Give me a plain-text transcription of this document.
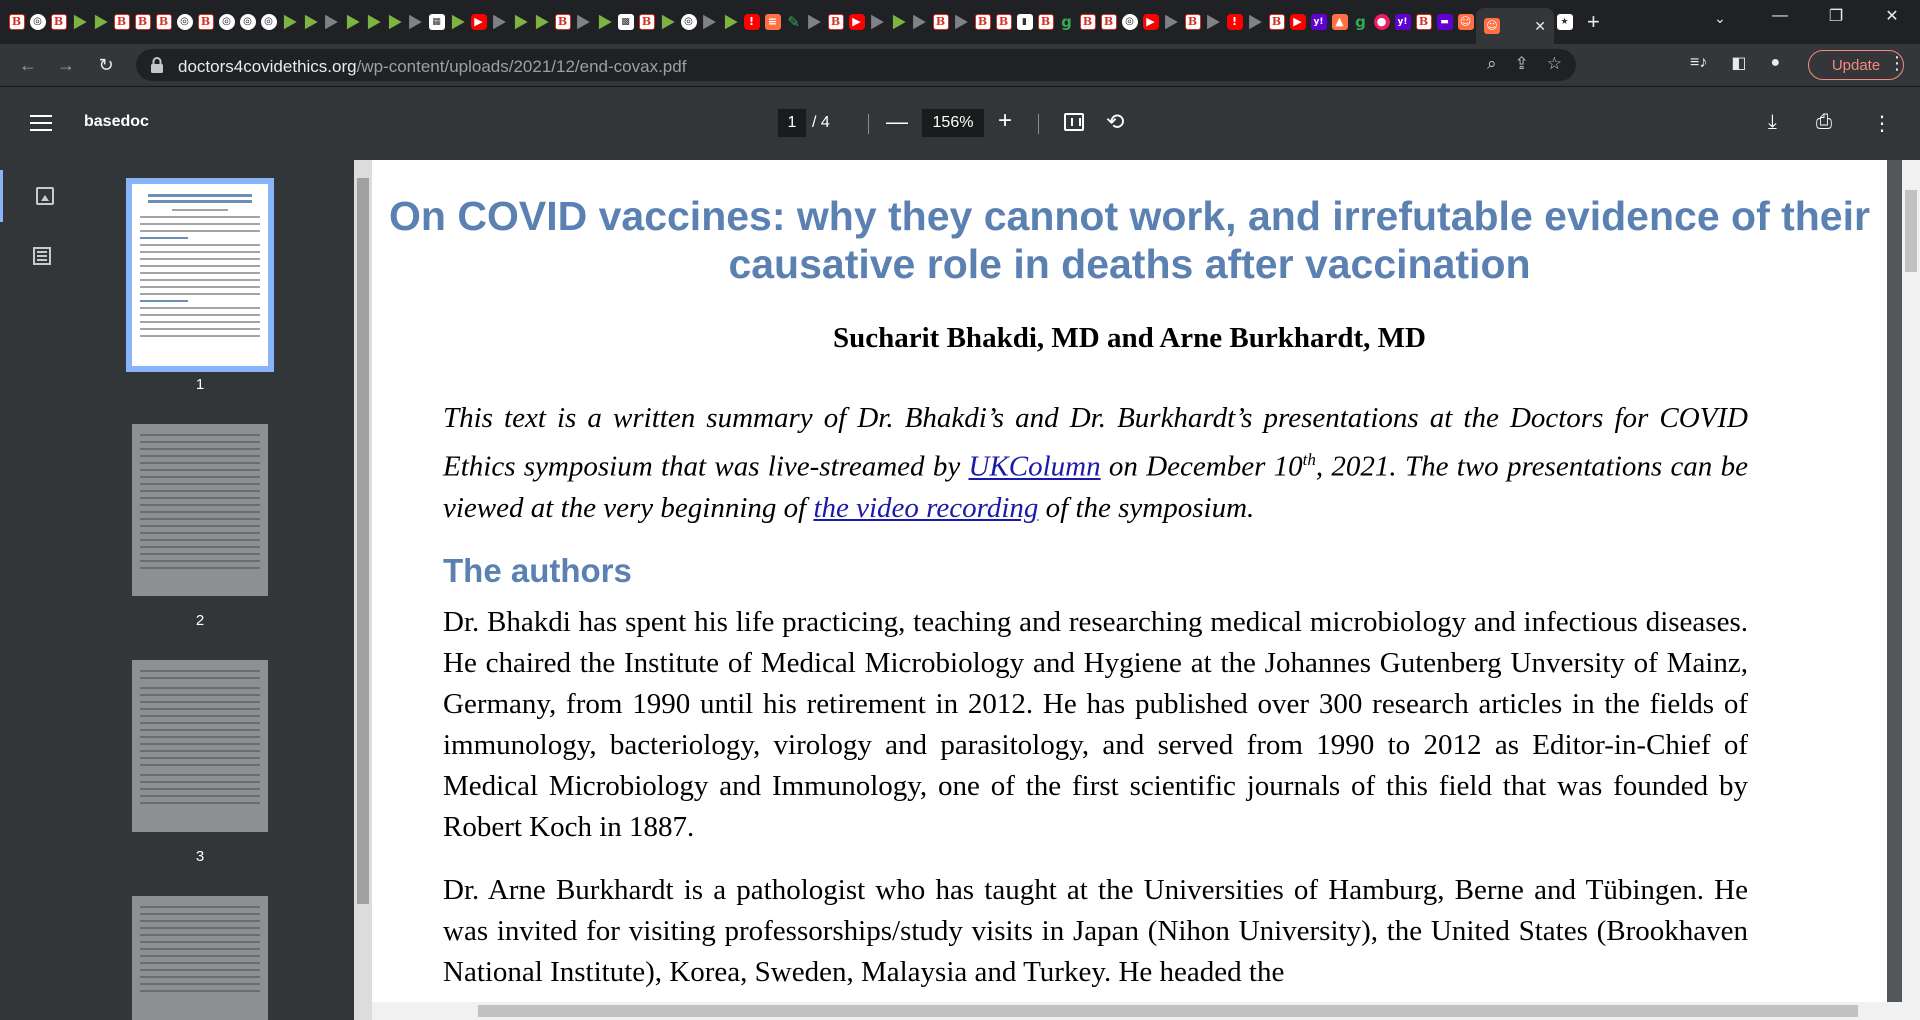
B	◎	B	B	B	B	◎	B	◎	◎	◎	▦	▶	B	▩	B	◎	!	≡ ✎	B	▶	B	B	B	▮	B g B	B	◎	▶	B	!	B	▶	y!	▲ g ●	y!	B	▬	☺ ☺	✕	★ +	⌄	—	❐	✕
← → ↻	doctors4covidethics.org/wp-content/uploads/2021/12/end-covax.pdf	⌕ ⇪ ☆	≡♪ ◧ ●	Update ⋮
basedoc	1 / 4	—	156%	+	⟲	⤓ ⎙ ⋮
1
2
3
On COVID vaccines: why they cannot work, and irrefutable evidence of their causative role in deaths after vaccination
Sucharit Bhakdi, MD and Arne Burkhardt, MD
This text is a written summary of Dr. Bhakdi’s and Dr. Burkhardt’s presentations at the Doctors for COVID Ethics symposium that was live-streamed by UKColumn on December 10th, 2021. The two presentations can be viewed at the very beginning of the video recording of the symposium.
The authors
Dr. Bhakdi has spent his life practicing, teaching and researching medical microbiology and infectious diseases. He chaired the Institute of Medical Microbiology and Hygiene at the Johannes Gutenberg Unversity of Mainz, Germany, from 1990 until his retirement in 2012. He has published over 300 research articles in the fields of immunology, bacteriology, virology and parasitology, and served from 1990 to 2012 as Editor-in-Chief of Medical Microbiology and Immunology, one of the first scientific journals of this field that was founded by Robert Koch in 1887.
Dr. Arne Burkhardt is a pathologist who has taught at the Universities of Hamburg, Berne and Tübingen. He was invited for visiting professorships/study visits in Japan (Nihon University), the United States (Brookhaven National Institute), Korea, Sweden, Malaysia and Turkey. He headed the
